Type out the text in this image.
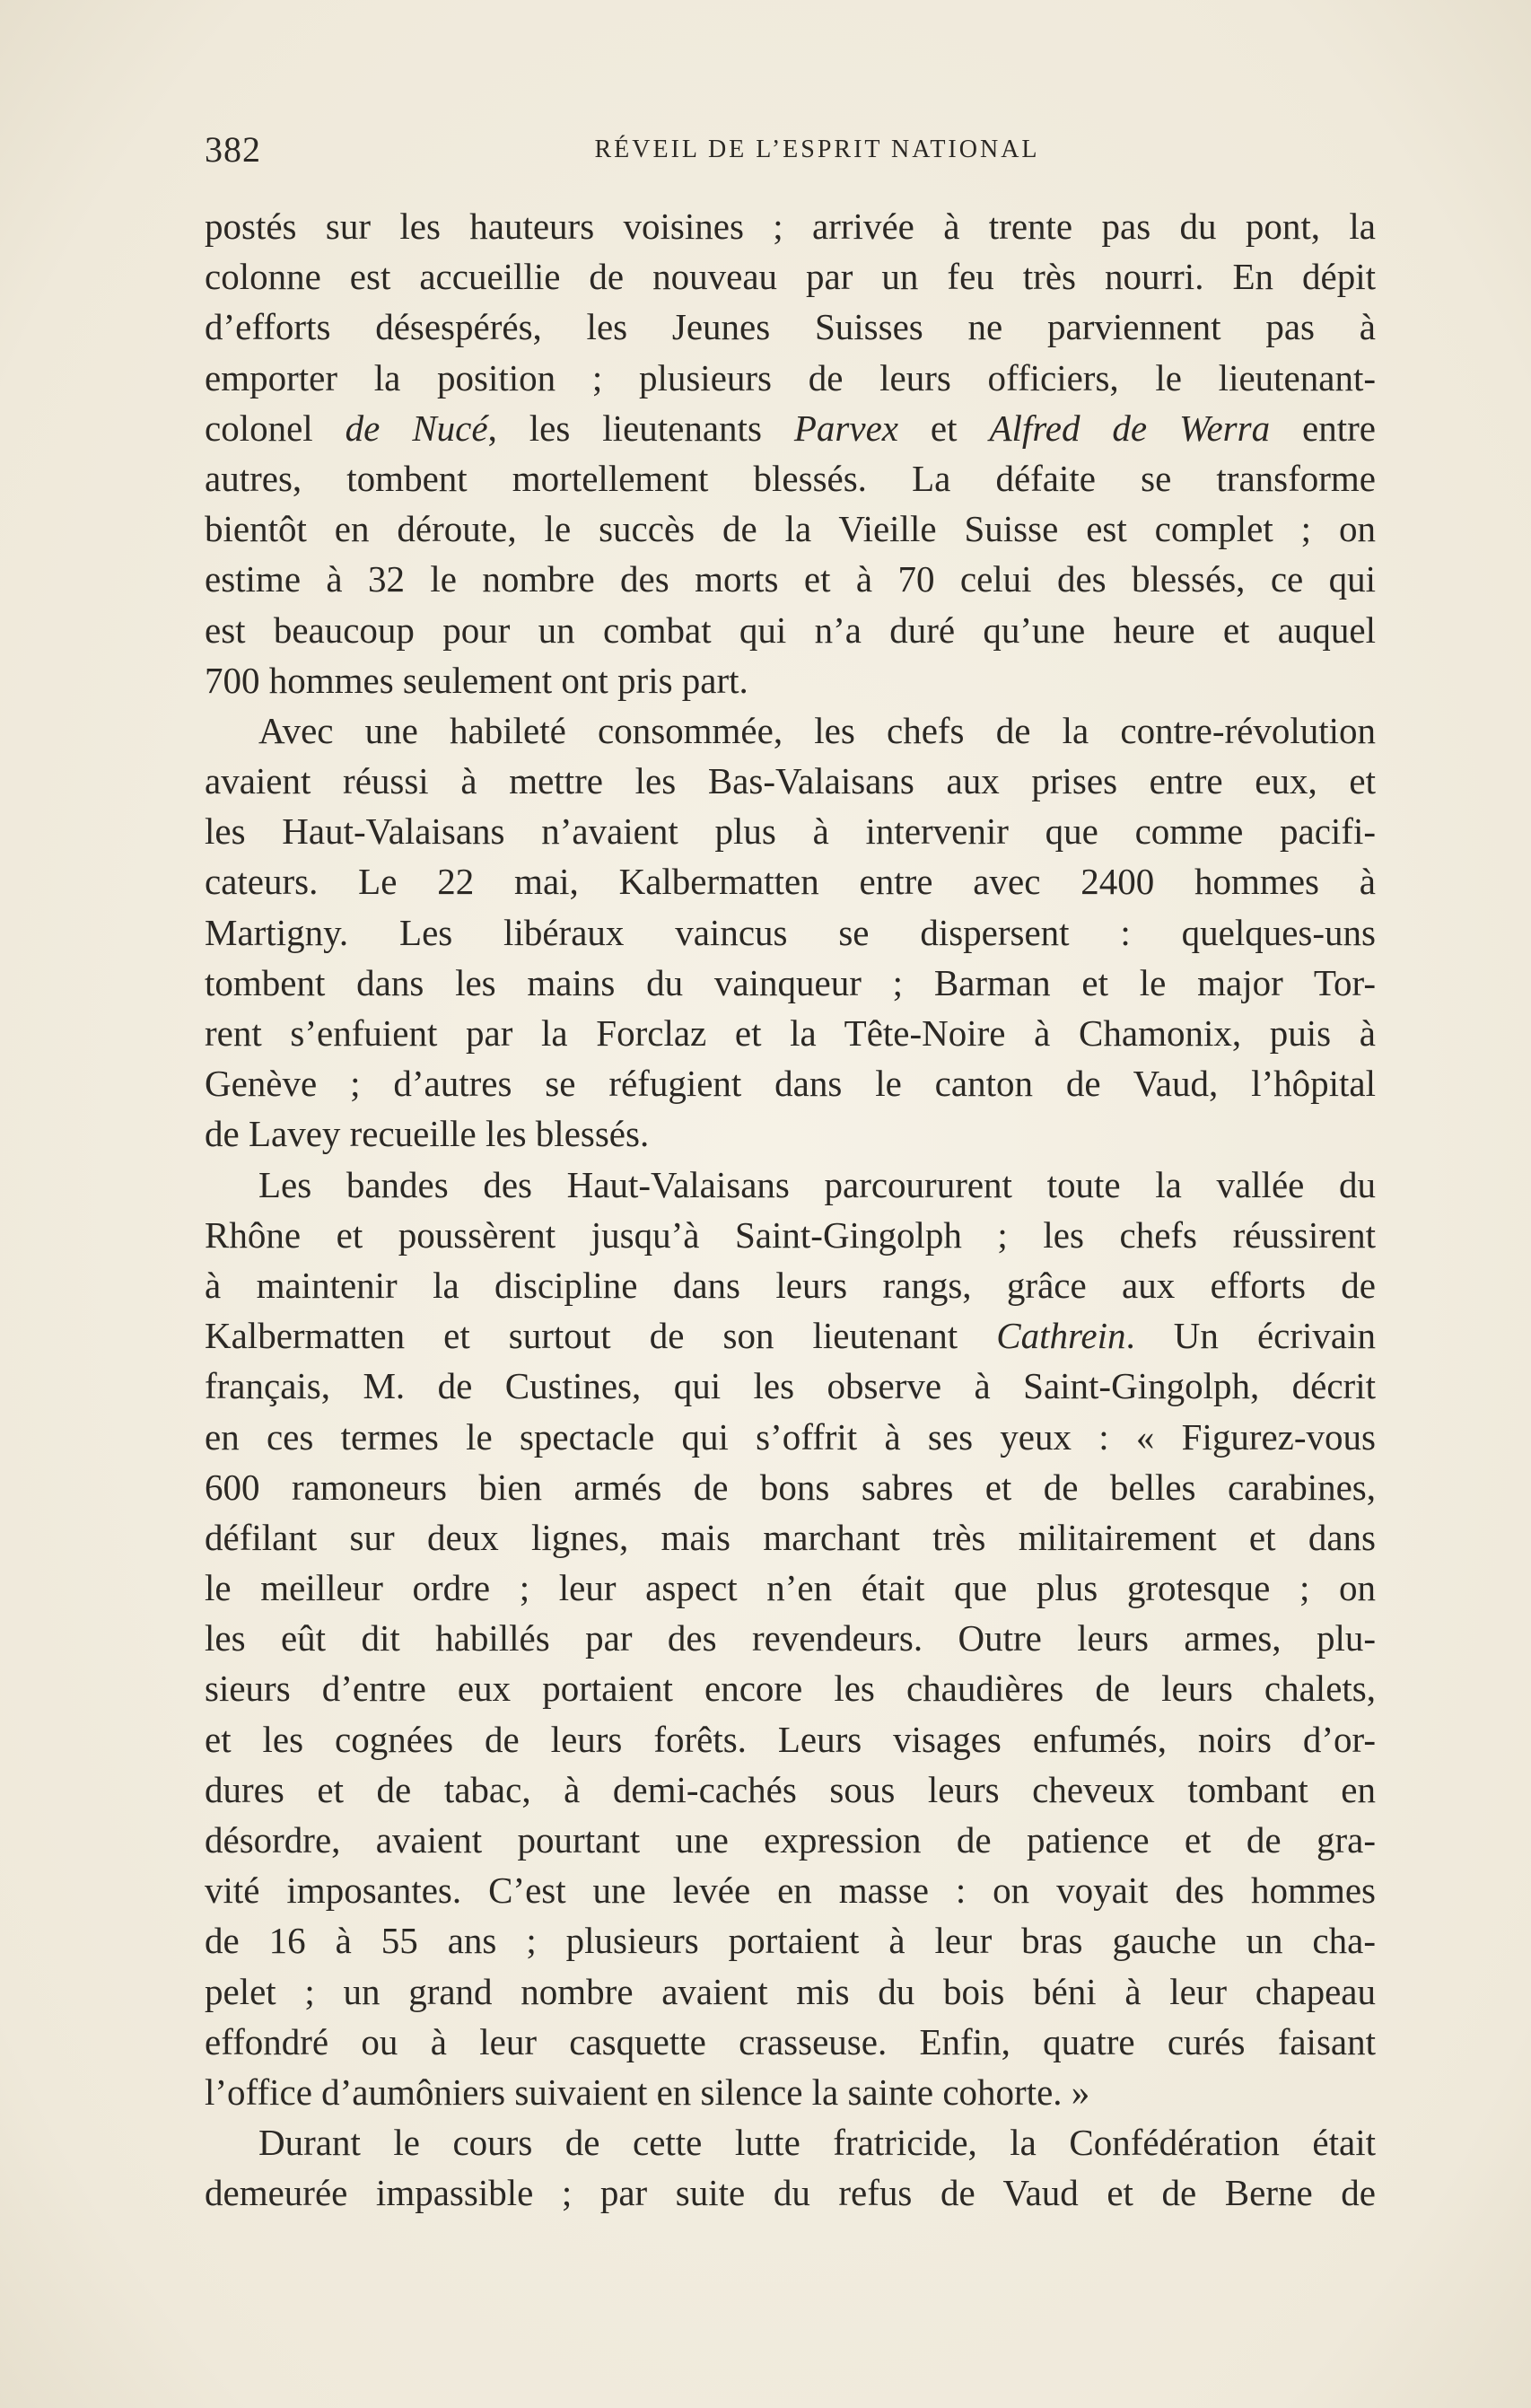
382	RÉVEIL DE L’ESPRIT NATIONAL
postés sur les hauteurs voisines ; arrivée à trente pas du pont, la
colonne est accueillie de nouveau par un feu très nourri. En dépit
d’efforts désespérés, les Jeunes Suisses ne parviennent pas à
emporter la position ; plusieurs de leurs officiers, le lieutenant-
colonel de Nucé, les lieutenants Parvex et Alfred de Werra entre
autres, tombent mortellement blessés. La défaite se transforme
bientôt en déroute, le succès de la Vieille Suisse est complet ; on
estime à 32 le nombre des morts et à 70 celui des blessés, ce qui
est beaucoup pour un combat qui n’a duré qu’une heure et auquel
700 hommes seulement ont pris part.
Avec une habileté consommée, les chefs de la contre-révolution
avaient réussi à mettre les Bas-Valaisans aux prises entre eux, et
les Haut-Valaisans n’avaient plus à intervenir que comme pacifi-
cateurs. Le 22 mai, Kalbermatten entre avec 2400 hommes à
Martigny. Les libéraux vaincus se dispersent : quelques-uns
tombent dans les mains du vainqueur ; Barman et le major Tor-
rent s’enfuient par la Forclaz et la Tête-Noire à Chamonix, puis à
Genève ; d’autres se réfugient dans le canton de Vaud, l’hôpital
de Lavey recueille les blessés.
Les bandes des Haut-Valaisans parcoururent toute la vallée du
Rhône et poussèrent jusqu’à Saint-Gingolph ; les chefs réussirent
à maintenir la discipline dans leurs rangs, grâce aux efforts de
Kalbermatten et surtout de son lieutenant Cathrein. Un écrivain
français, M. de Custines, qui les observe à Saint-Gingolph, décrit
en ces termes le spectacle qui s’offrit à ses yeux : « Figurez-vous
600 ramoneurs bien armés de bons sabres et de belles carabines,
défilant sur deux lignes, mais marchant très militairement et dans
le meilleur ordre ; leur aspect n’en était que plus grotesque ; on
les eût dit habillés par des revendeurs. Outre leurs armes, plu-
sieurs d’entre eux portaient encore les chaudières de leurs chalets,
et les cognées de leurs forêts. Leurs visages enfumés, noirs d’or-
dures et de tabac, à demi-cachés sous leurs cheveux tombant en
désordre, avaient pourtant une expression de patience et de gra-
vité imposantes. C’est une levée en masse : on voyait des hommes
de 16 à 55 ans ; plusieurs portaient à leur bras gauche un cha-
pelet ; un grand nombre avaient mis du bois béni à leur chapeau
effondré ou à leur casquette crasseuse. Enfin, quatre curés faisant
l’office d’aumôniers suivaient en silence la sainte cohorte. »
Durant le cours de cette lutte fratricide, la Confédération était
demeurée impassible ; par suite du refus de Vaud et de Berne de
